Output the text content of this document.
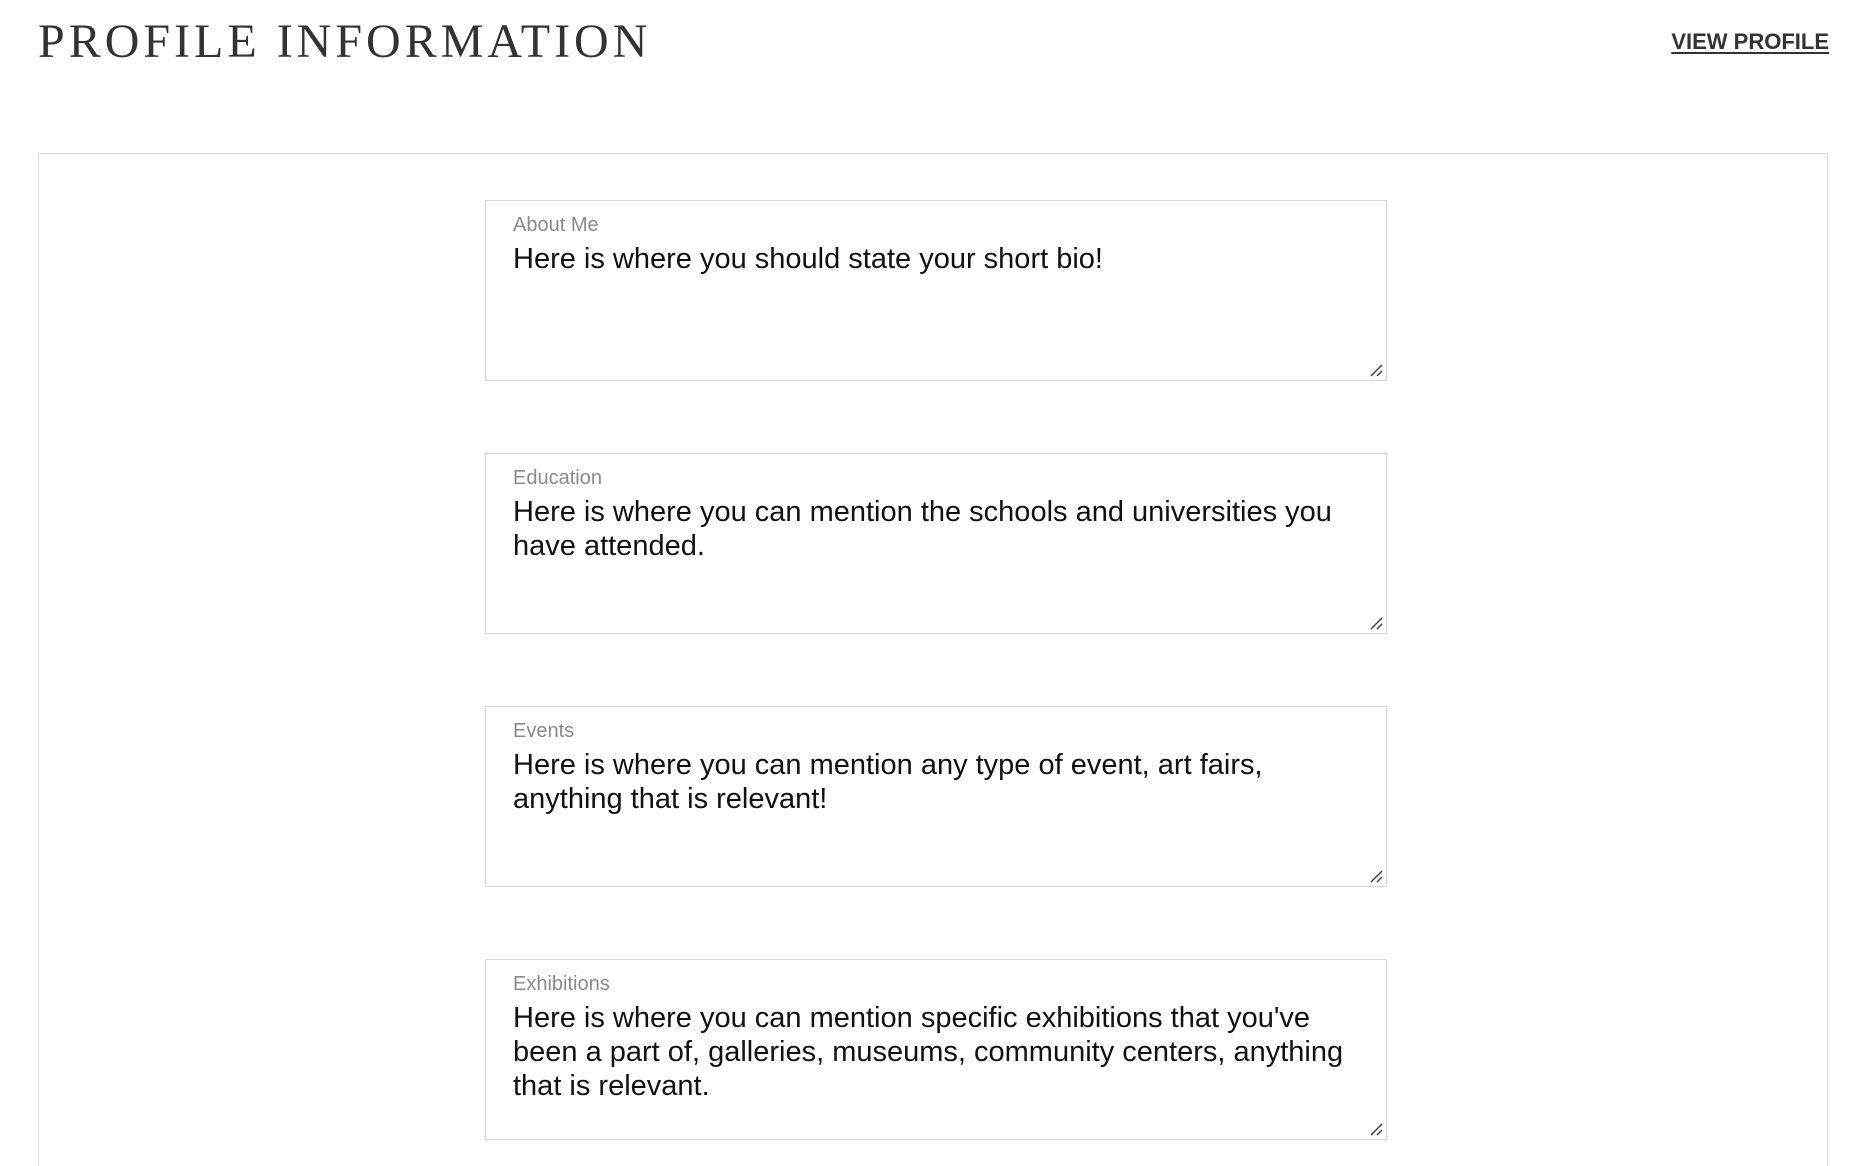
PROFILE INFORMATION	VIEW PROFILE
About Me
Here is where you should state your short bio!
Education
Here is where you can mention the schools and universities you have attended.
Events
Here is where you can mention any type of event, art fairs, anything that is relevant!
Exhibitions
Here is where you can mention specific exhibitions that you've been a part of, galleries, museums, community centers, anything that is relevant.
